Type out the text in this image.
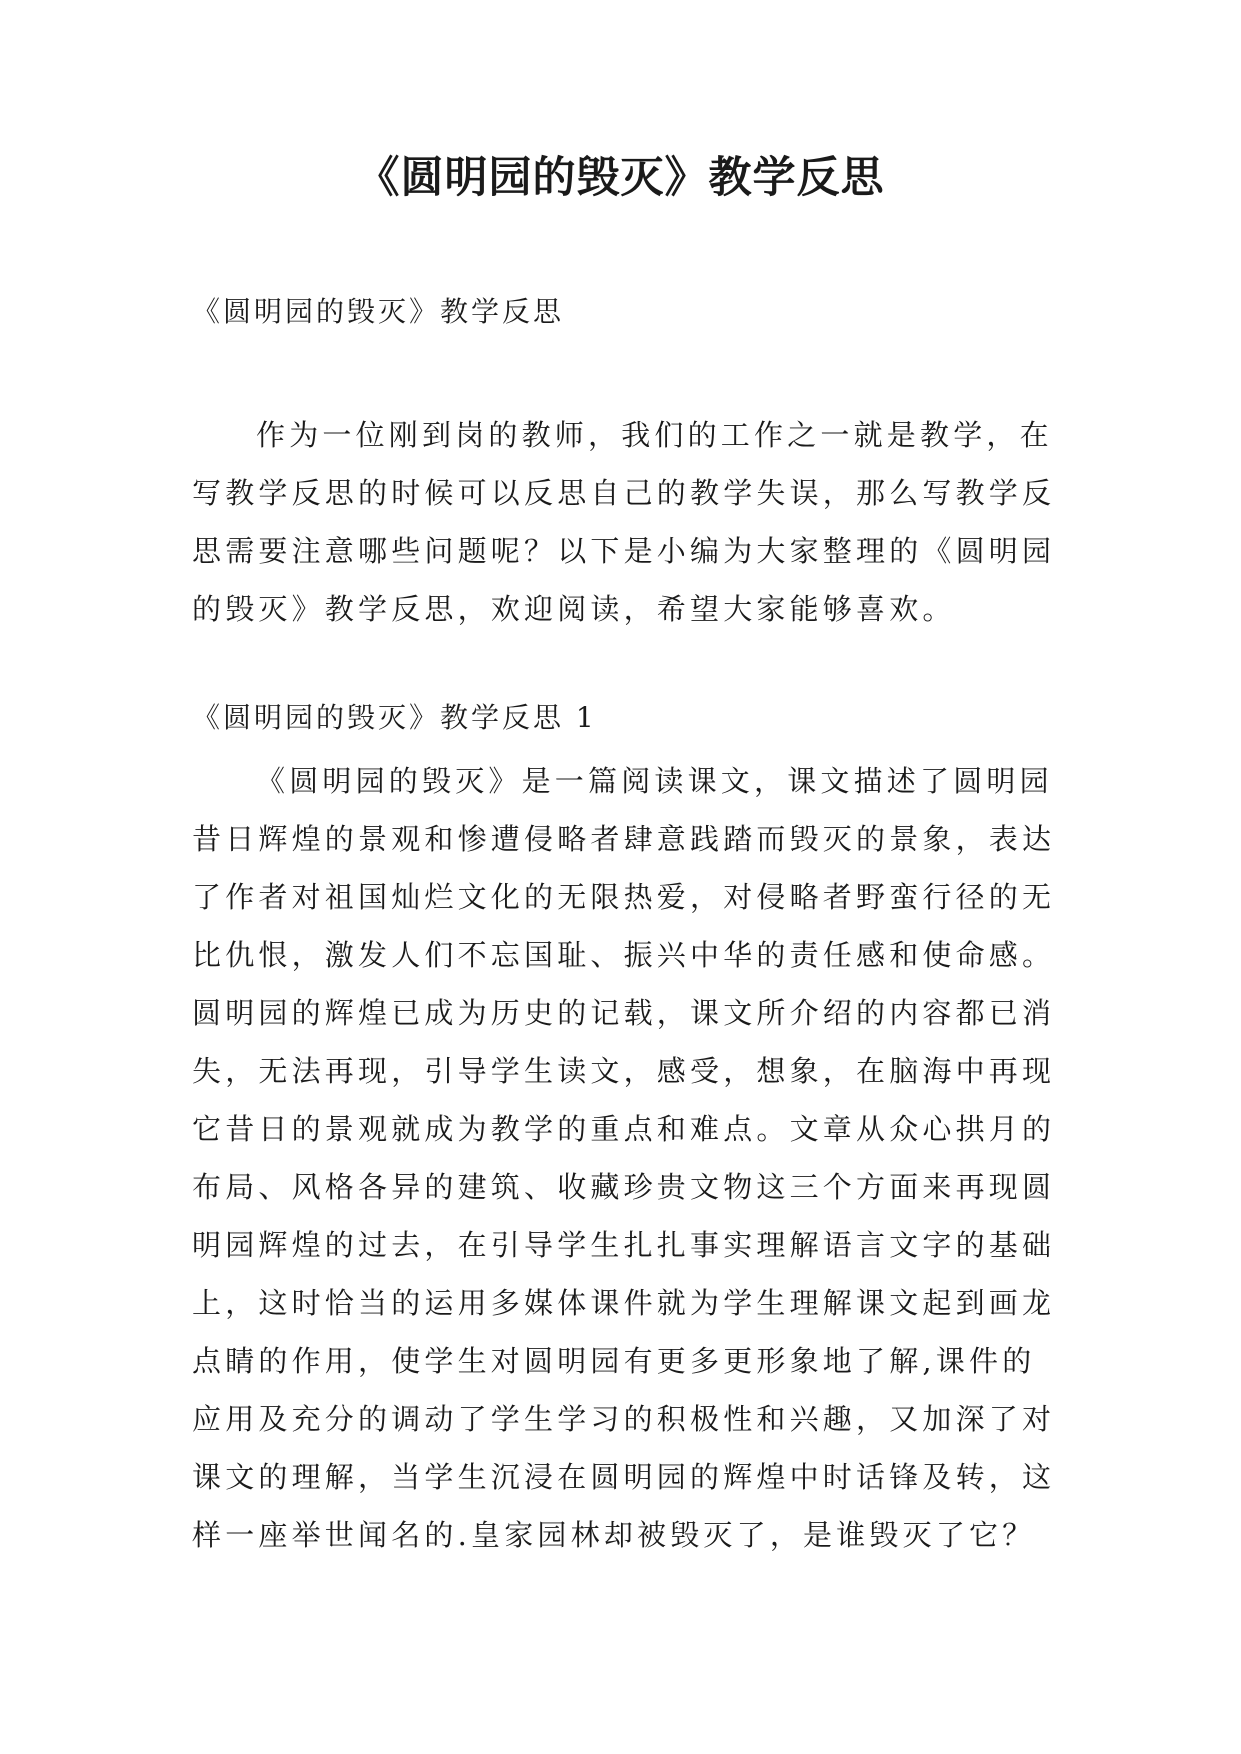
《圆明园的毁灭》教学反思

《圆明园的毁灭》教学反思

作为一位刚到岗的教师，我们的工作之一就是教学，在
写教学反思的时候可以反思自己的教学失误，那么写教学反
思需要注意哪些问题呢？以下是小编为大家整理的《圆明园
的毁灭》教学反思，欢迎阅读，希望大家能够喜欢。

《圆明园的毁灭》教学反思 1

《圆明园的毁灭》是一篇阅读课文，课文描述了圆明园
昔日辉煌的景观和惨遭侵略者肆意践踏而毁灭的景象，表达
了作者对祖国灿烂文化的无限热爱，对侵略者野蛮行径的无
比仇恨，激发人们不忘国耻、振兴中华的责任感和使命感。
圆明园的辉煌已成为历史的记载，课文所介绍的内容都已消
失，无法再现，引导学生读文，感受，想象，在脑海中再现
它昔日的景观就成为教学的重点和难点。文章从众心拱月的
布局、风格各异的建筑、收藏珍贵文物这三个方面来再现圆
明园辉煌的过去，在引导学生扎扎事实理解语言文字的基础
上，这时恰当的运用多媒体课件就为学生理解课文起到画龙
点睛的作用，使学生对圆明园有更多更形象地了解,课件的
应用及充分的调动了学生学习的积极性和兴趣，又加深了对
课文的理解，当学生沉浸在圆明园的辉煌中时话锋及转，这
样一座举世闻名的.皇家园林却被毁灭了，是谁毁灭了它？
